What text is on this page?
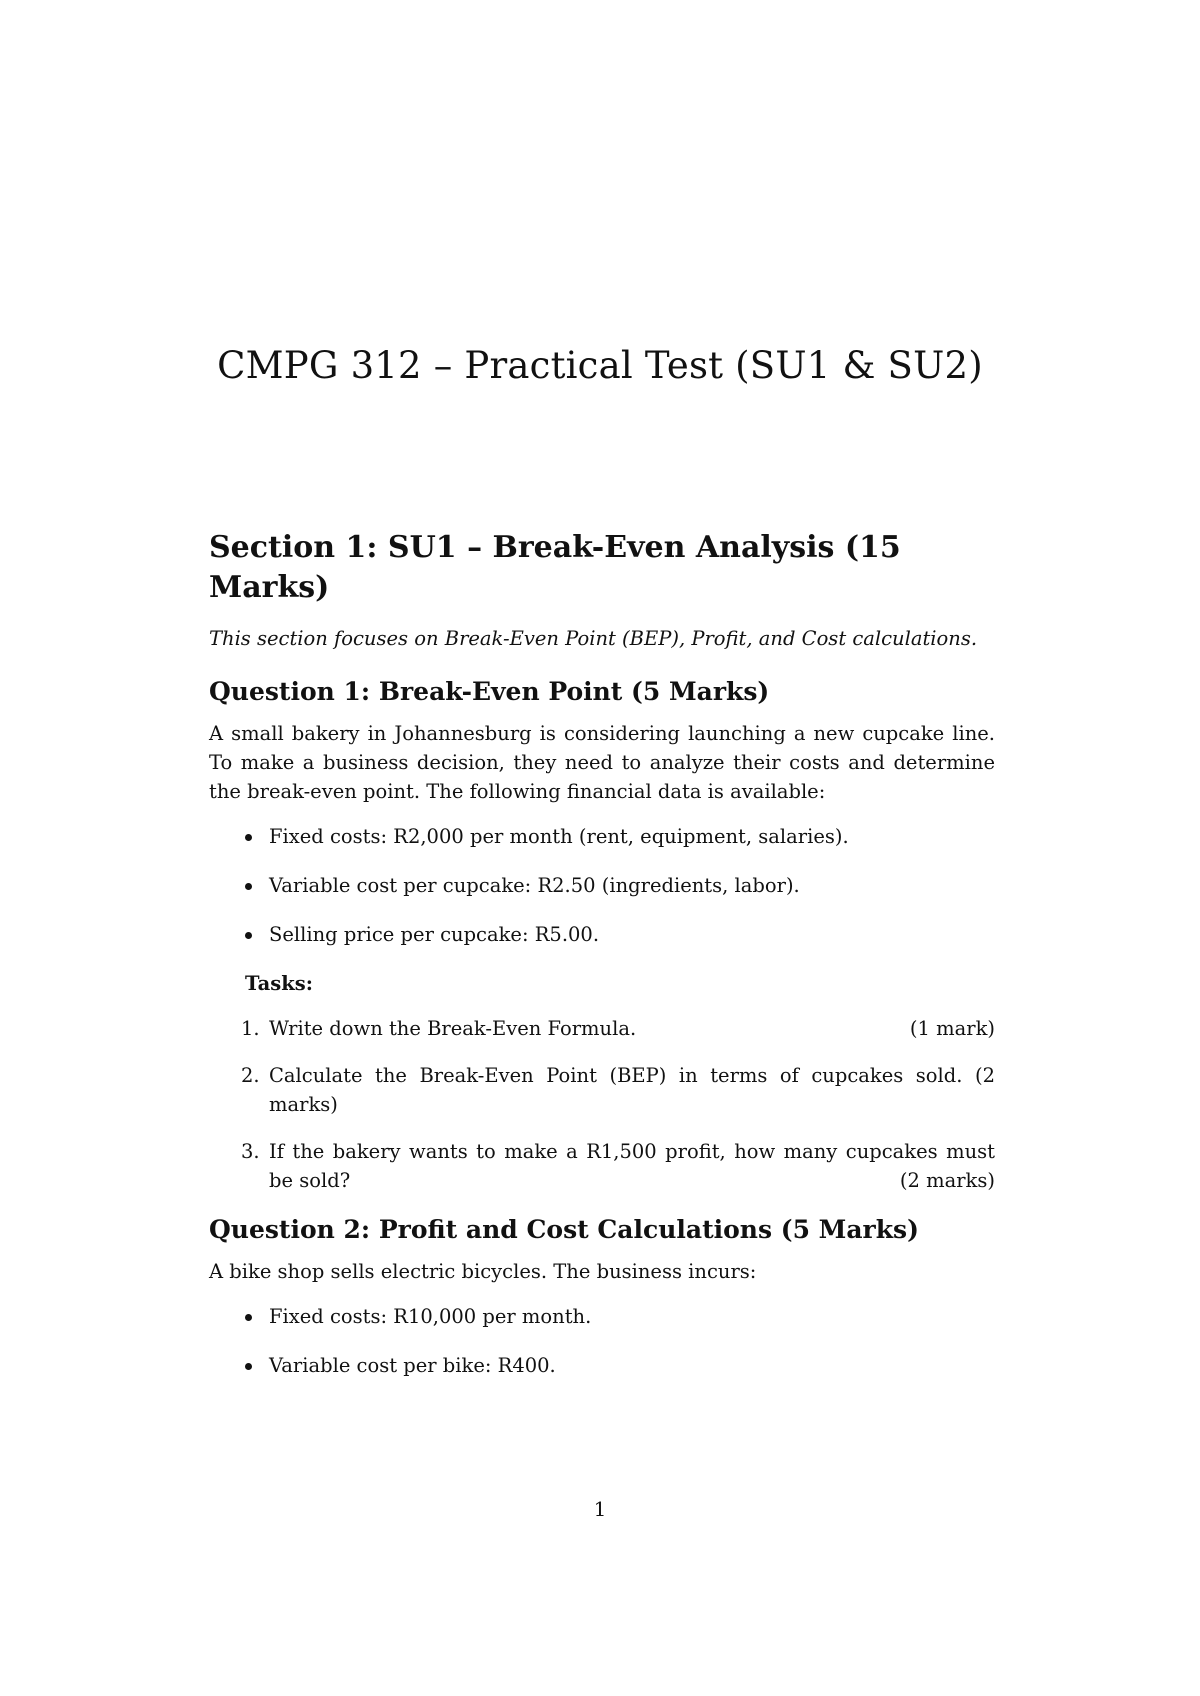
CMPG 312 – Practical Test (SU1 & SU2)
Section 1: SU1 – Break-Even Analysis (15 Marks)

This section focuses on Break-Even Point (BEP), Profit, and Cost calculations.

Question 1: Break-Even Point (5 Marks)

A small bakery in Johannesburg is considering launching a new cupcake line. To make a business decision, they need to analyze their costs and determine the break-even point. The following financial data is available:

Fixed costs: R2,000 per month (rent, equipment, salaries).
Variable cost per cupcake: R2.50 (ingredients, labor).
Selling price per cupcake: R5.00.
Tasks:
1. Write down the Break-Even Formula.	(1 mark)
2. Calculate the Break-Even Point (BEP) in terms of cupcakes sold. (2 marks)
3. If the bakery wants to make a R1,500 profit, how many cupcakes must be sold?	(2 marks)
Question 2: Profit and Cost Calculations (5 Marks)

A bike shop sells electric bicycles. The business incurs:

Fixed costs: R10,000 per month.
Variable cost per bike: R400.
1
